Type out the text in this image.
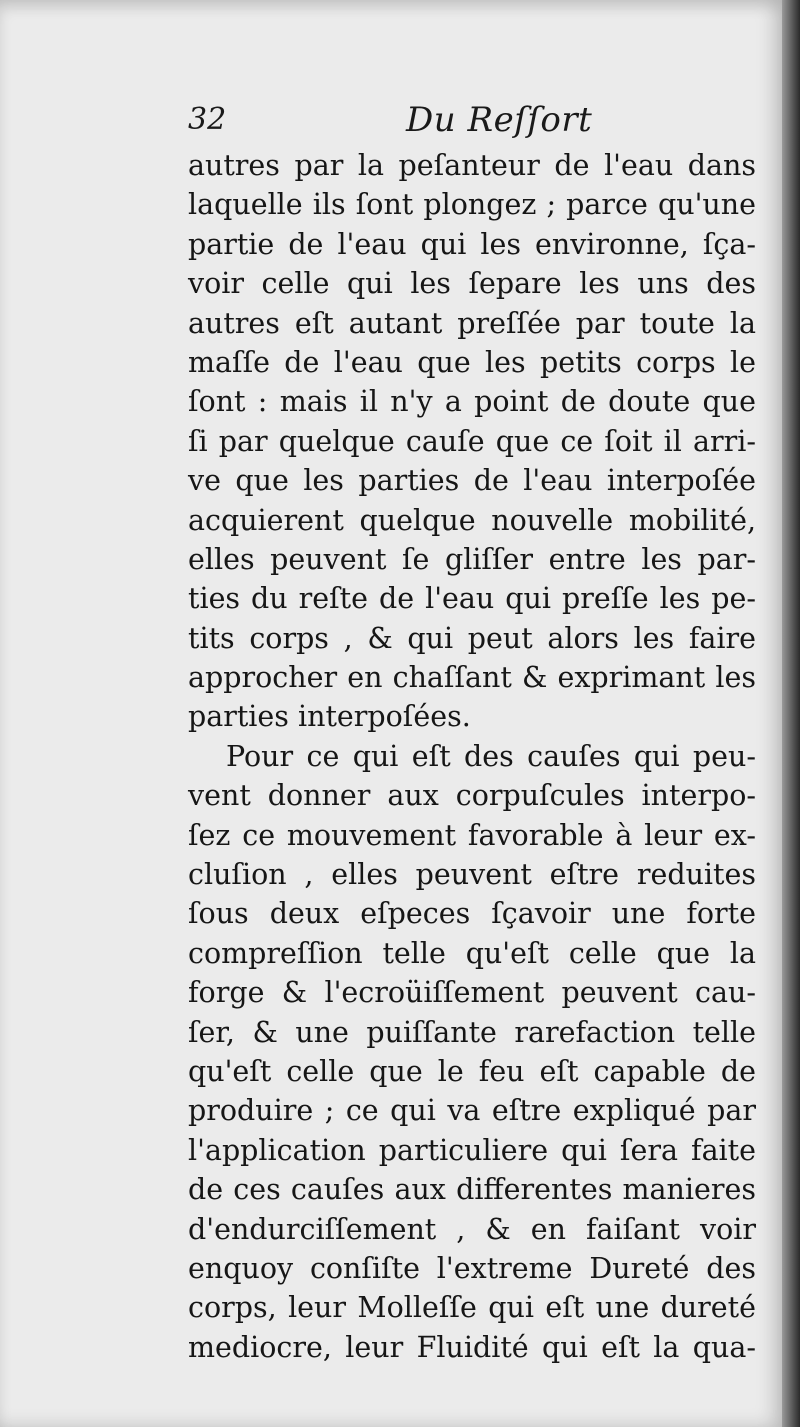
32	Du Reſſort
autres par la peſanteur de l'eau dans
laquelle ils ſont plongez ; parce qu'une
partie de l'eau qui les environne, ſça-
voir celle qui les ſepare les uns des
autres eſt autant preſſée par toute la
maſſe de l'eau que les petits corps le
ſont : mais il n'y a point de doute que
ſi par quelque cauſe que ce ſoit il arri-
ve que les parties de l'eau interpoſée
acquierent quelque nouvelle mobilité,
elles peuvent ſe gliſſer entre les par-
ties du reſte de l'eau qui preſſe les pe-
tits corps , & qui peut alors les faire
approcher en chaſſant & exprimant les
parties interpoſées.
Pour ce qui eſt des cauſes qui peu-
vent donner aux corpuſcules interpo-
ſez ce mouvement favorable à leur ex-
cluſion , elles peuvent eſtre reduites
ſous deux eſpeces ſçavoir une forte
compreſſion telle qu'eſt celle que la
forge & l'ecroüiſſement peuvent cau-
ſer, & une puiſſante rarefaction telle
qu'eſt celle que le feu eſt capable de
produire ; ce qui va eſtre expliqué par
l'application particuliere qui ſera faite
de ces cauſes aux differentes manieres
d'endurciſſement , & en faiſant voir
enquoy conſiſte l'extreme Dureté des
corps, leur Molleſſe qui eſt une dureté
mediocre, leur Fluidité qui eſt la qua-
